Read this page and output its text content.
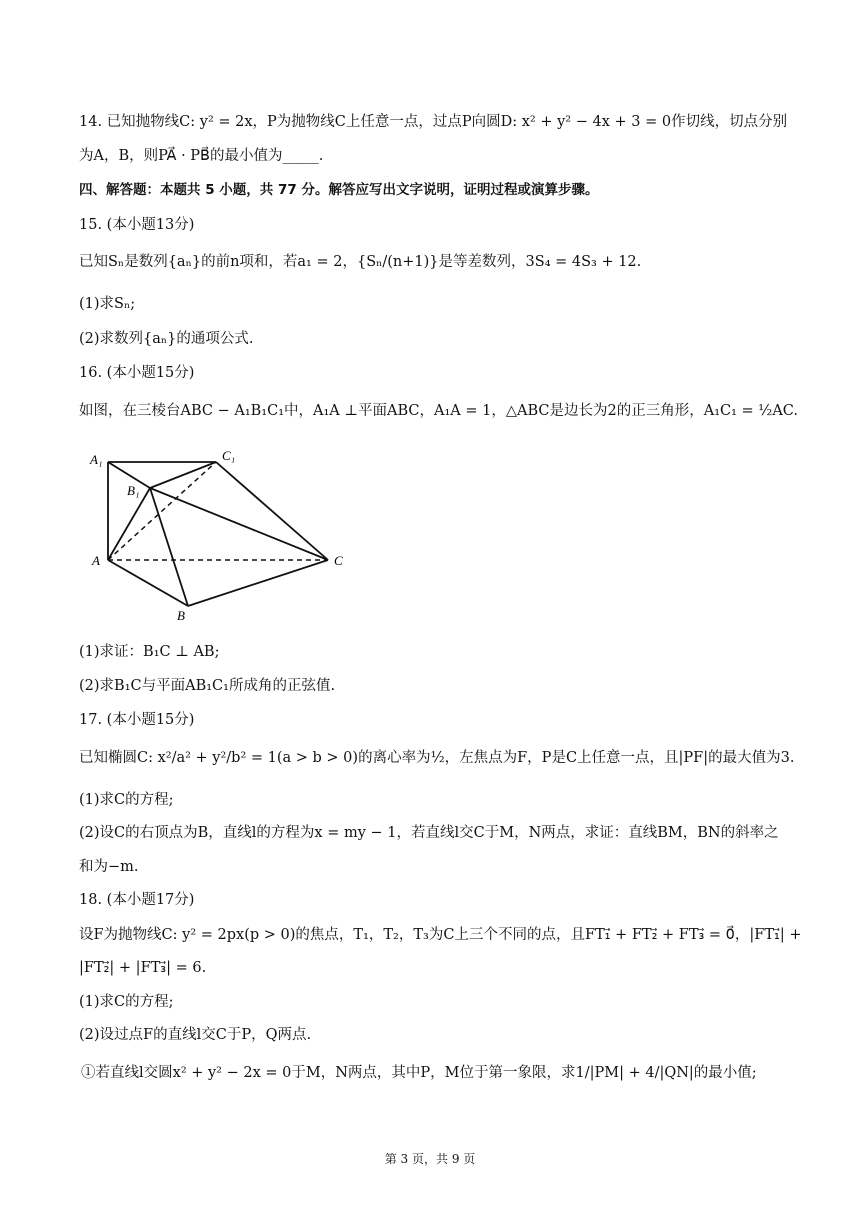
14. 已知抛物线C: y² = 2x，P为抛物线C上任意一点，过点P向圆D: x² + y² − 4x + 3 = 0作切线，切点分别
为A，B，则PA⃗ · PB⃗的最小值为_____.
四、解答题：本题共 5 小题，共 77 分。解答应写出文字说明，证明过程或演算步骤。
15. (本小题13分)
已知Sₙ是数列{aₙ}的前n项和，若a₁ = 2，{Sₙ/(n+1)}是等差数列，3S₄ = 4S₃ + 12.
(1)求Sₙ;
(2)求数列{aₙ}的通项公式.
16. (本小题15分)
如图，在三棱台ABC − A₁B₁C₁中，A₁A ⊥平面ABC，A₁A = 1，△ABC是边长为2的正三角形，A₁C₁ = ½AC.
A₁	C₁
B₁
A	C
B
(1)求证：B₁C ⊥ AB;
(2)求B₁C与平面AB₁C₁所成角的正弦值.
17. (本小题15分)
已知椭圆C: x²/a² + y²/b² = 1(a > b > 0)的离心率为½，左焦点为F，P是C上任意一点，且|PF|的最大值为3.
(1)求C的方程;
(2)设C的右顶点为B，直线l的方程为x = my − 1，若直线l交C于M，N两点，求证：直线BM，BN的斜率之
和为−m.
18. (本小题17分)
设F为抛物线C: y² = 2px(p > 0)的焦点，T₁，T₂，T₃为C上三个不同的点，且FT₁⃗ + FT₂⃗ + FT₃⃗ = 0⃗，|FT₁⃗| +
|FT₂⃗| + |FT₃⃗| = 6.
(1)求C的方程;
(2)设过点F的直线l交C于P，Q两点.
①若直线l交圆x² + y² − 2x = 0于M，N两点，其中P，M位于第一象限，求1/|PM| + 4/|QN|的最小值;
第 3 页，共 9 页
